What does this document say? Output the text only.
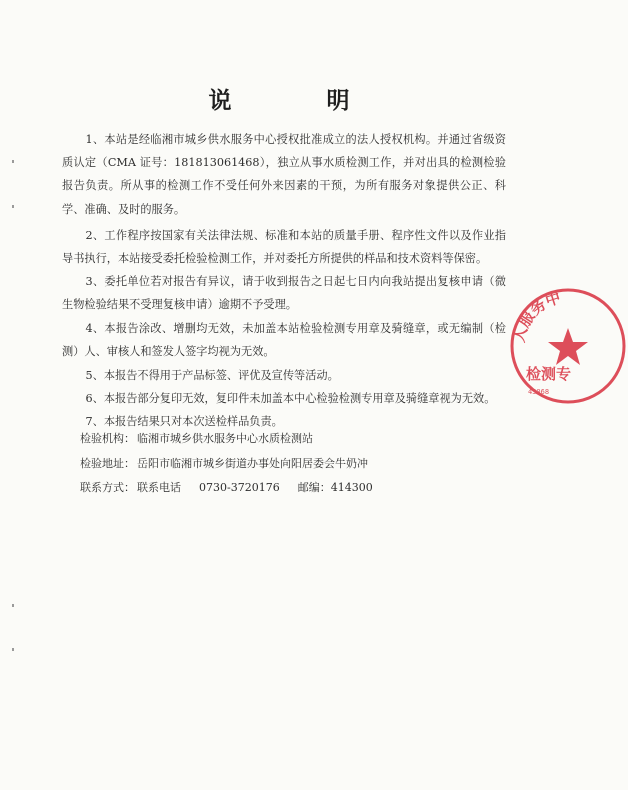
说　明
1、本站是经临湘市城乡供水服务中心授权批准成立的法人授权机构。并通过省级资质认定（CMA 证号：181813061468），独立从事水质检测工作，并对出具的检测检验报告负责。所从事的检测工作不受任何外来因素的干预，为所有服务对象提供公正、科学、准确、及时的服务。
2、工作程序按国家有关法律法规、标准和本站的质量手册、程序性文件以及作业指导书执行，本站接受委托检验检测工作，并对委托方所提供的样品和技术资料等保密。
3、委托单位若对报告有异议，请于收到报告之日起七日内向我站提出复核申请（微生物检验结果不受理复核申请）逾期不予受理。
4、本报告涂改、增删均无效，未加盖本站检验检测专用章及骑缝章，或无编制（检测）人、审核人和签发人签字均视为无效。
5、本报告不得用于产品标签、评优及宣传等活动。
6、本报告部分复印无效，复印件未加盖本中心检验检测专用章及骑缝章视为无效。
7、本报告结果只对本次送检样品负责。
检验机构： 临湘市城乡供水服务中心水质检测站
检验地址： 岳阳市临湘市城乡街道办事处向阳居委会牛奶冲
联系方式： 联系电话 0730-3720176 邮编：414300
人服务中
检测专
43068
